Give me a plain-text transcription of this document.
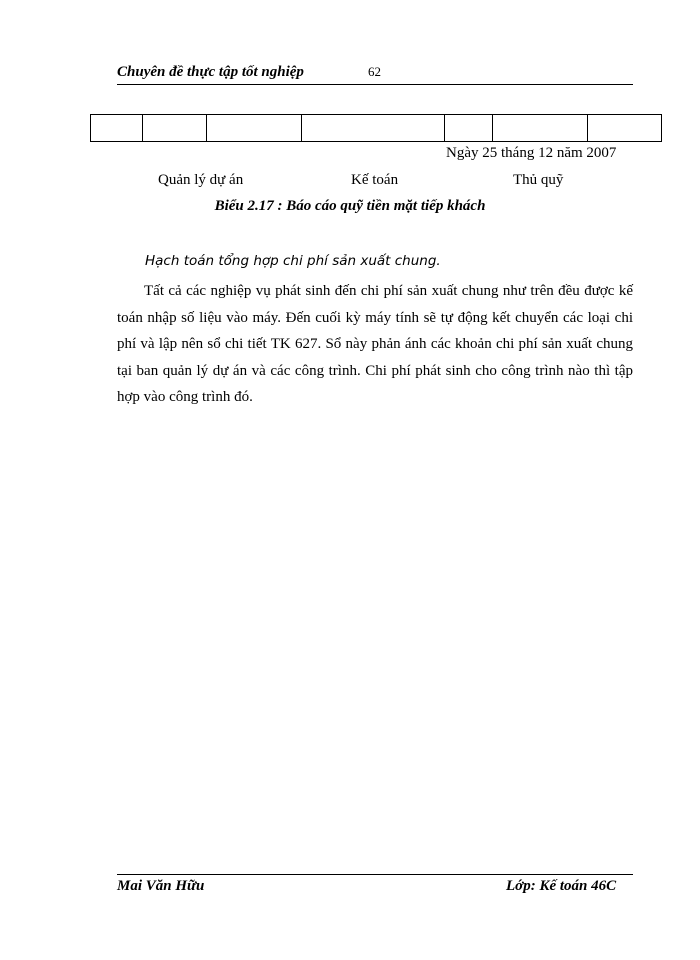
Chuyên đề thực tập tốt nghiệp	62

Ngày 25 tháng 12 năm 2007
Quản lý dự án	Kế toán	Thủ quỹ
Biểu 2.17 : Báo cáo quỹ tiền mặt tiếp khách
Hạch toán tổng hợp chi phí sản xuất chung.
Tất cả các nghiệp vụ phát sinh đến chi phí sản xuất chung như trên đều được kế toán nhập số liệu vào máy. Đến cuối kỳ máy tính sẽ tự động kết chuyển các loại chi phí và lập nên sổ chi tiết TK 627. Sổ này phản ánh các khoản chi phí sản xuất chung tại ban quản lý dự án và các công trình. Chi phí phát sinh cho công trình nào thì tập hợp vào công trình đó.
Mai Văn Hữu	Lớp: Kế toán 46C
